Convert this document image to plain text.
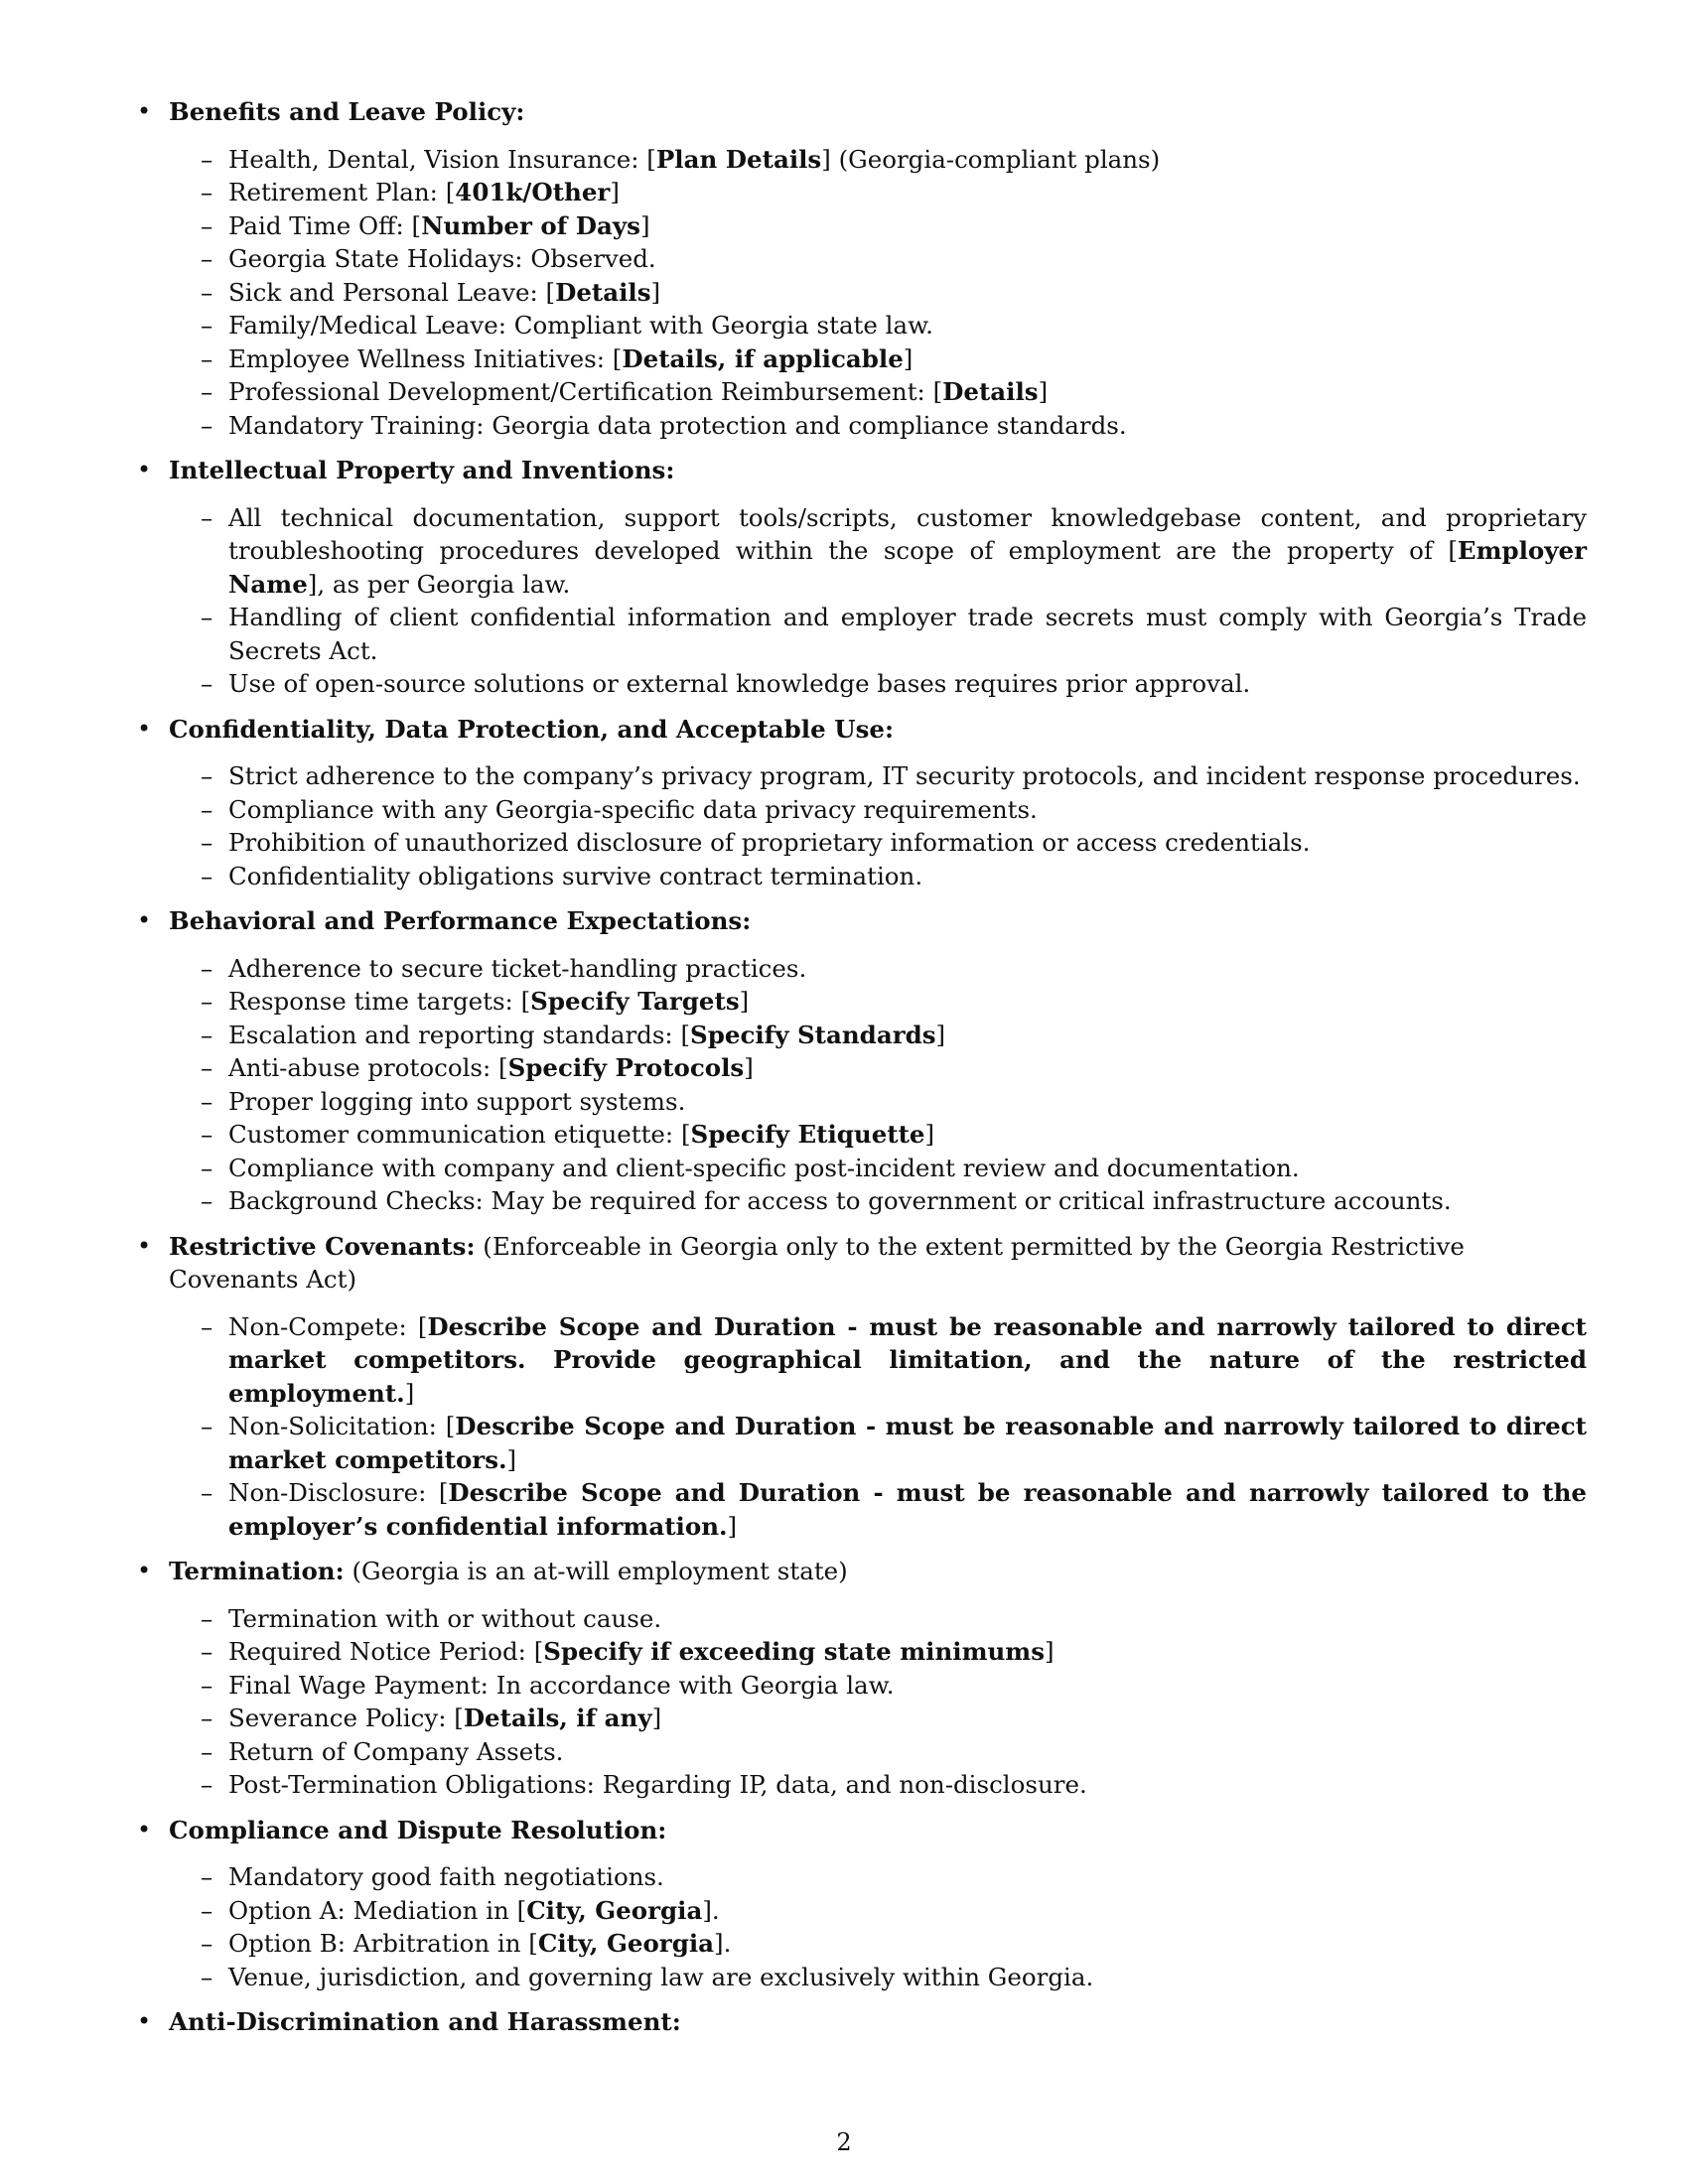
• Benefits and Leave Policy:
– Health, Dental, Vision Insurance: [Plan Details] (Georgia-compliant plans)
– Retirement Plan: [401k/Other]
– Paid Time Off: [Number of Days]
– Georgia State Holidays: Observed.
– Sick and Personal Leave: [Details]
– Family/Medical Leave: Compliant with Georgia state law.
– Employee Wellness Initiatives: [Details, if applicable]
– Professional Development/Certification Reimbursement: [Details]
– Mandatory Training: Georgia data protection and compliance standards.
• Intellectual Property and Inventions:
– All technical documentation, support tools/scripts, customer knowledgebase content, and proprietary troubleshooting procedures developed within the scope of employment are the property of [Employer Name], as per Georgia law.
– Handling of client confidential information and employer trade secrets must comply with Georgia’s Trade Secrets Act.
– Use of open-source solutions or external knowledge bases requires prior approval.
• Confidentiality, Data Protection, and Acceptable Use:
– Strict adherence to the company’s privacy program, IT security protocols, and incident response procedures.
– Compliance with any Georgia-specific data privacy requirements.
– Prohibition of unauthorized disclosure of proprietary information or access credentials.
– Confidentiality obligations survive contract termination.
• Behavioral and Performance Expectations:
– Adherence to secure ticket-handling practices.
– Response time targets: [Specify Targets]
– Escalation and reporting standards: [Specify Standards]
– Anti-abuse protocols: [Specify Protocols]
– Proper logging into support systems.
– Customer communication etiquette: [Specify Etiquette]
– Compliance with company and client-specific post-incident review and documentation.
– Background Checks: May be required for access to government or critical infrastructure accounts.
• Restrictive Covenants: (Enforceable in Georgia only to the extent permitted by the Georgia Restrictive Covenants Act)
– Non-Compete: [Describe Scope and Duration - must be reasonable and narrowly tailored to direct market competitors. Provide geographical limitation, and the nature of the restricted employment.]
– Non-Solicitation: [Describe Scope and Duration - must be reasonable and narrowly tailored to direct market competitors.]
– Non-Disclosure: [Describe Scope and Duration - must be reasonable and narrowly tailored to the employer’s confidential information.]
• Termination: (Georgia is an at-will employment state)
– Termination with or without cause.
– Required Notice Period: [Specify if exceeding state minimums]
– Final Wage Payment: In accordance with Georgia law.
– Severance Policy: [Details, if any]
– Return of Company Assets.
– Post-Termination Obligations: Regarding IP, data, and non-disclosure.
• Compliance and Dispute Resolution:
– Mandatory good faith negotiations.
– Option A: Mediation in [City, Georgia].
– Option B: Arbitration in [City, Georgia].
– Venue, jurisdiction, and governing law are exclusively within Georgia.
• Anti-Discrimination and Harassment:
2
